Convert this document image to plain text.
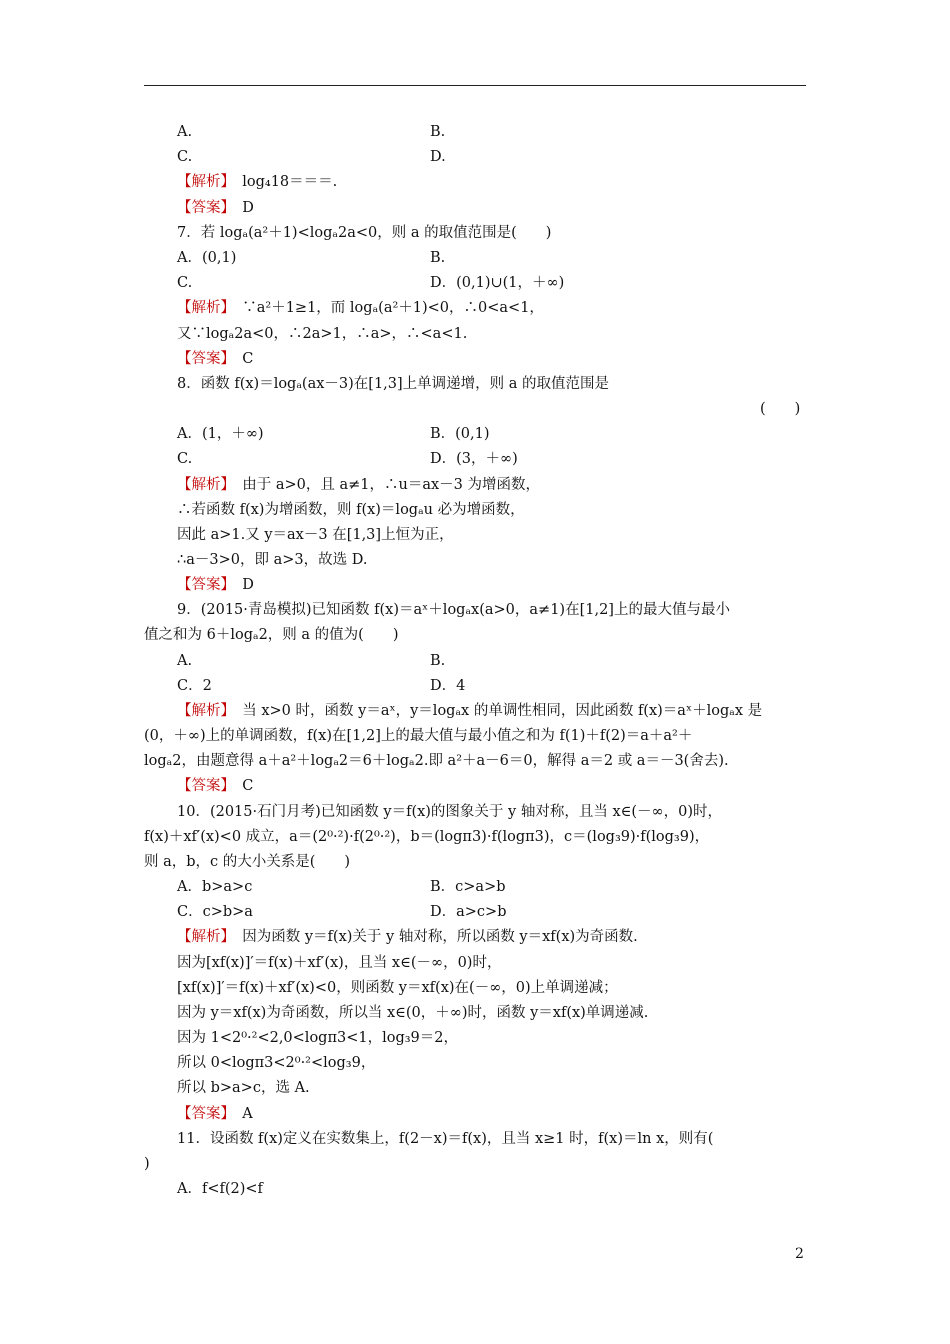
A.	B.
C.	D.
【解析】　log₄18＝＝＝.
【答案】　D
7．若 logₐ(a²＋1)<logₐ2a<0，则 a 的取值范围是(　　)
A．(0,1)	B.
C.	D．(0,1)∪(1，＋∞)
【解析】　∵a²＋1≥1，而 logₐ(a²＋1)<0，∴0<a<1，
又∵logₐ2a<0，∴2a>1，∴a>，∴<a<1.
【答案】　C
8．函数 f(x)＝logₐ(ax－3)在[1,3]上单调递增，则 a 的取值范围是
(　　)
A．(1，＋∞)	B．(0,1)
C.	D．(3，＋∞)
【解析】　由于 a>0，且 a≠1，∴u＝ax－3 为增函数，
∴若函数 f(x)为增函数，则 f(x)＝logₐu 必为增函数，
因此 a>1.又 y＝ax－3 在[1,3]上恒为正，
∴a－3>0，即 a>3，故选 D.
【答案】　D
9．(2015·青岛模拟)已知函数 f(x)＝aˣ＋logₐx(a>0，a≠1)在[1,2]上的最大值与最小
值之和为 6＋logₐ2，则 a 的值为(　　)
A.	B.
C．2	D．4
【解析】　当 x>0 时，函数 y＝aˣ，y＝logₐx 的单调性相同，因此函数 f(x)＝aˣ＋logₐx 是
(0，＋∞)上的单调函数，f(x)在[1,2]上的最大值与最小值之和为 f(1)＋f(2)＝a＋a²＋
logₐ2，由题意得 a＋a²＋logₐ2＝6＋logₐ2.即 a²＋a－6＝0，解得 a＝2 或 a＝－3(舍去).
【答案】　C
10．(2015·石门月考)已知函数 y＝f(x)的图象关于 y 轴对称，且当 x∈(－∞，0)时，
f(x)＋xf′(x)<0 成立，a＝(2⁰·²)·f(2⁰·²)，b＝(logπ3)·f(logπ3)，c＝(log₃9)·f(log₃9)，
则 a，b，c 的大小关系是(　　)
A．b>a>c	B．c>a>b
C．c>b>a	D．a>c>b
【解析】　因为函数 y＝f(x)关于 y 轴对称，所以函数 y＝xf(x)为奇函数.
因为[xf(x)]′＝f(x)＋xf′(x)，且当 x∈(－∞，0)时，
[xf(x)]′＝f(x)＋xf′(x)<0，则函数 y＝xf(x)在(－∞，0)上单调递减；
因为 y＝xf(x)为奇函数，所以当 x∈(0，＋∞)时，函数 y＝xf(x)单调递减.
因为 1<2⁰·²<2,0<logπ3<1，log₃9＝2，
所以 0<logπ3<2⁰·²<log₃9，
所以 b>a>c，选 A.
【答案】　A
11．设函数 f(x)定义在实数集上，f(2－x)＝f(x)，且当 x≥1 时，f(x)＝ln x，则有(
)
A．f<f(2)<f
2
